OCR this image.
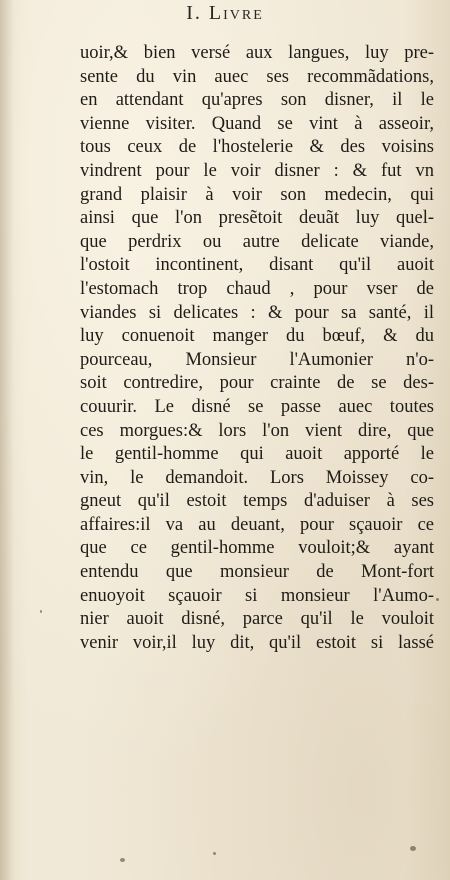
I. Livre
uoir,& bien versé aux langues, luy pre-
sente du vin auec ses recommãdations,
en attendant qu'apres son disner, il le
vienne visiter. Quand se vint à asseoir,
tous ceux de l'hostelerie & des voisins
vindrent pour le voir disner : & fut vn
grand plaisir à voir son medecin, qui
ainsi que l'on presẽtoit deuãt luy quel-
que perdrix ou autre delicate viande,
l'ostoit incontinent, disant qu'il auoit
l'estomach trop chaud , pour vser de
viandes si delicates : & pour sa santé, il
luy conuenoit manger du bœuf, & du
pourceau, Monsieur l'Aumonier n'o-
soit contredire, pour crainte de se des-
couurir. Le disné se passe auec toutes
ces morgues:& lors l'on vient dire, que
le gentil-homme qui auoit apporté le
vin, le demandoit. Lors Moissey co-
gneut qu'il estoit temps d'aduiser à ses
affaires:il va au deuant, pour sçauoir ce
que ce gentil-homme vouloit;& ayant
entendu que monsieur de Mont-fort
enuoyoit sçauoir si monsieur l'Aumo-
nier auoit disné, parce qu'il le vouloit
venir voir,il luy dit, qu'il estoit si lassé
